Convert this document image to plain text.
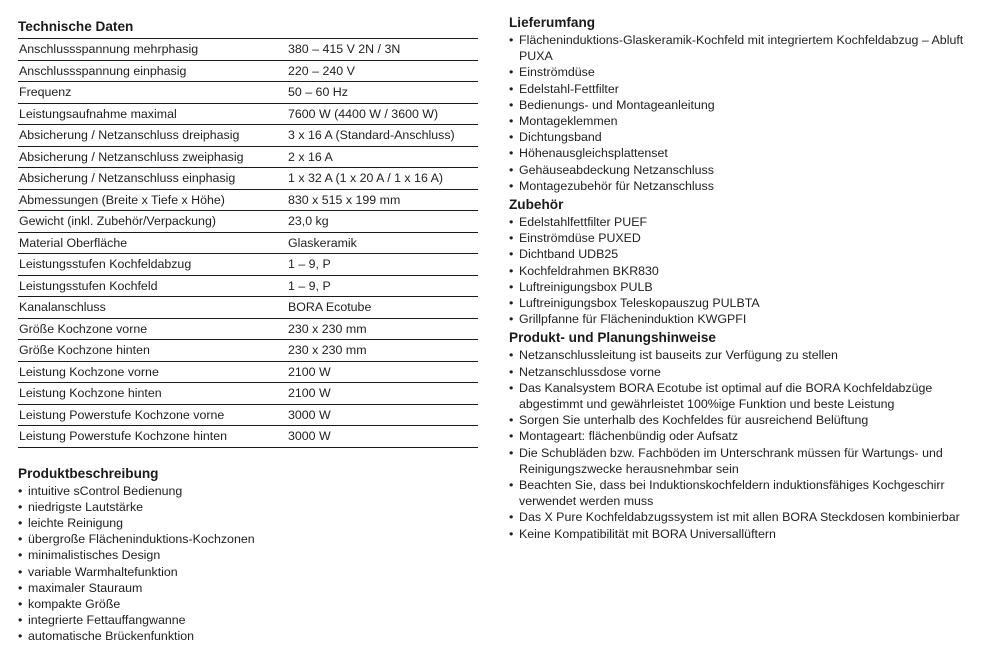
Technische Daten
Anschlussspannung mehrphasig	380 – 415 V 2N / 3N
Anschlussspannung einphasig	220 – 240 V
Frequenz	50 – 60 Hz
Leistungsaufnahme maximal	7600 W (4400 W / 3600 W)
Absicherung / Netzanschluss dreiphasig	3 x 16 A (Standard-Anschluss)
Absicherung / Netzanschluss zweiphasig	2 x 16 A
Absicherung / Netzanschluss einphasig	1 x 32 A (1 x 20 A / 1 x 16 A)
Abmessungen (Breite x Tiefe x Höhe)	830 x 515 x 199 mm
Gewicht (inkl. Zubehör/Verpackung)	23,0 kg
Material Oberfläche	Glaskeramik
Leistungsstufen Kochfeldabzug	1 – 9, P
Leistungsstufen Kochfeld	1 – 9, P
Kanalanschluss	BORA Ecotube
Größe Kochzone vorne	230 x 230 mm
Größe Kochzone hinten	230 x 230 mm
Leistung Kochzone vorne	2100 W
Leistung Kochzone hinten	2100 W
Leistung Powerstufe Kochzone vorne	3000 W
Leistung Powerstufe Kochzone hinten	3000 W
Produktbeschreibung
• intuitive sControl Bedienung
• niedrigste Lautstärke
• leichte Reinigung
• übergroße Flächeninduktions-Kochzonen
• minimalistisches Design
• variable Warmhaltefunktion
• maximaler Stauraum
• kompakte Größe
• integrierte Fettauffangwanne
• automatische Brückenfunktion
Lieferumfang
• Flächeninduktions-Glaskeramik-Kochfeld mit integriertem Kochfeldabzug – Abluft PUXA
• Einströmdüse
• Edelstahl-Fettfilter
• Bedienungs- und Montageanleitung
• Montageklemmen
• Dichtungsband
• Höhenausgleichsplattenset
• Gehäuseabdeckung Netzanschluss
• Montagezubehör für Netzanschluss
Zubehör
• Edelstahlfettfilter PUEF
• Einströmdüse PUXED
• Dichtband UDB25
• Kochfeldrahmen BKR830
• Luftreinigungsbox PULB
• Luftreinigungsbox Teleskopauszug PULBTA
• Grillpfanne für Flächeninduktion KWGPFI
Produkt- und Planungshinweise
• Netzanschlussleitung ist bauseits zur Verfügung zu stellen
• Netzanschlussdose vorne
• Das Kanalsystem BORA Ecotube ist optimal auf die BORA Kochfeldabzüge abgestimmt und gewährleistet 100%ige Funktion und beste Leistung
• Sorgen Sie unterhalb des Kochfeldes für ausreichend Belüftung
• Montageart: flächenbündig oder Aufsatz
• Die Schubläden bzw. Fachböden im Unterschrank müssen für Wartungs- und Reinigungszwecke herausnehmbar sein
• Beachten Sie, dass bei Induktionskochfeldern induktionsfähiges Kochgeschirr verwendet werden muss
• Das X Pure Kochfeldabzugssystem ist mit allen BORA Steckdosen kombinierbar
• Keine Kompatibilität mit BORA Universallüftern
